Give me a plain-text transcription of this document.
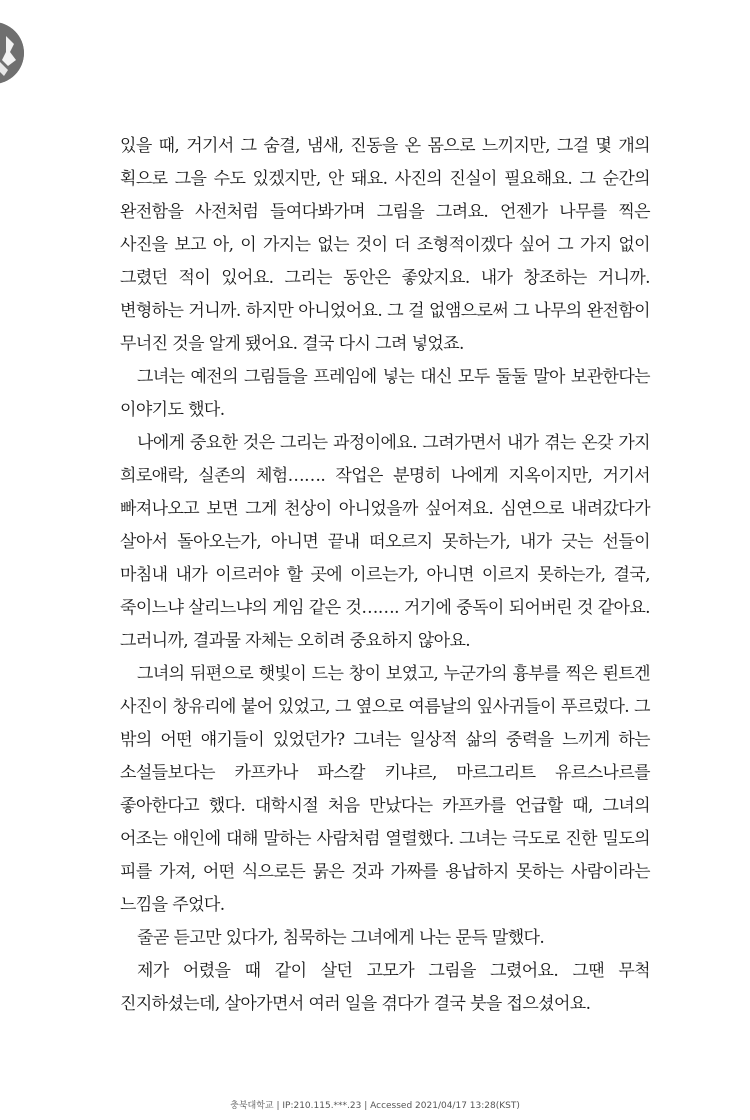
있을 때, 거기서 그 숨결, 냄새, 진동을 온 몸으로 느끼지만, 그걸 몇 개의 획으로 그을 수도 있겠지만, 안 돼요. 사진의 진실이 필요해요. 그 순간의 완전함을 사전처럼 들여다봐가며 그림을 그려요. 언젠가 나무를 찍은 사진을 보고 아, 이 가지는 없는 것이 더 조형적이겠다 싶어 그 가지 없이 그렸던 적이 있어요. 그리는 동안은 좋았지요. 내가 창조하는 거니까. 변형하는 거니까. 하지만 아니었어요. 그 걸 없앰으로써 그 나무의 완전함이 무너진 것을 알게 됐어요. 결국 다시 그려 넣었죠.

그녀는 예전의 그림들을 프레임에 넣는 대신 모두 둘둘 말아 보관한다는 이야기도 했다.

나에게 중요한 것은 그리는 과정이에요. 그려가면서 내가 겪는 온갖 가지 희로애락, 실존의 체험……. 작업은 분명히 나에게 지옥이지만, 거기서 빠져나오고 보면 그게 천상이 아니었을까 싶어져요. 심연으로 내려갔다가 살아서 돌아오는가, 아니면 끝내 떠오르지 못하는가, 내가 긋는 선들이 마침내 내가 이르러야 할 곳에 이르는가, 아니면 이르지 못하는가, 결국, 죽이느냐 살리느냐의 게임 같은 것……. 거기에 중독이 되어버린 것 같아요. 그러니까, 결과물 자체는 오히려 중요하지 않아요.

그녀의 뒤편으로 햇빛이 드는 창이 보였고, 누군가의 흉부를 찍은 뢴트겐 사진이 창유리에 붙어 있었고, 그 옆으로 여름날의 잎사귀들이 푸르렀다. 그 밖의 어떤 얘기들이 있었던가? 그녀는 일상적 삶의 중력을 느끼게 하는 소설들보다는 카프카나 파스칼 키냐르, 마르그리트 유르스나르를 좋아한다고 했다. 대학시절 처음 만났다는 카프카를 언급할 때, 그녀의 어조는 애인에 대해 말하는 사람처럼 열렬했다. 그녀는 극도로 진한 밀도의 피를 가져, 어떤 식으로든 묽은 것과 가짜를 용납하지 못하는 사람이라는 느낌을 주었다.

줄곧 듣고만 있다가, 침묵하는 그녀에게 나는 문득 말했다.

제가 어렸을 때 같이 살던 고모가 그림을 그렸어요. 그땐 무척 진지하셨는데, 살아가면서 여러 일을 겪다가 결국 붓을 접으셨어요.

충북대학교 | IP:210.115.***.23 | Accessed 2021/04/17 13:28(KST)
